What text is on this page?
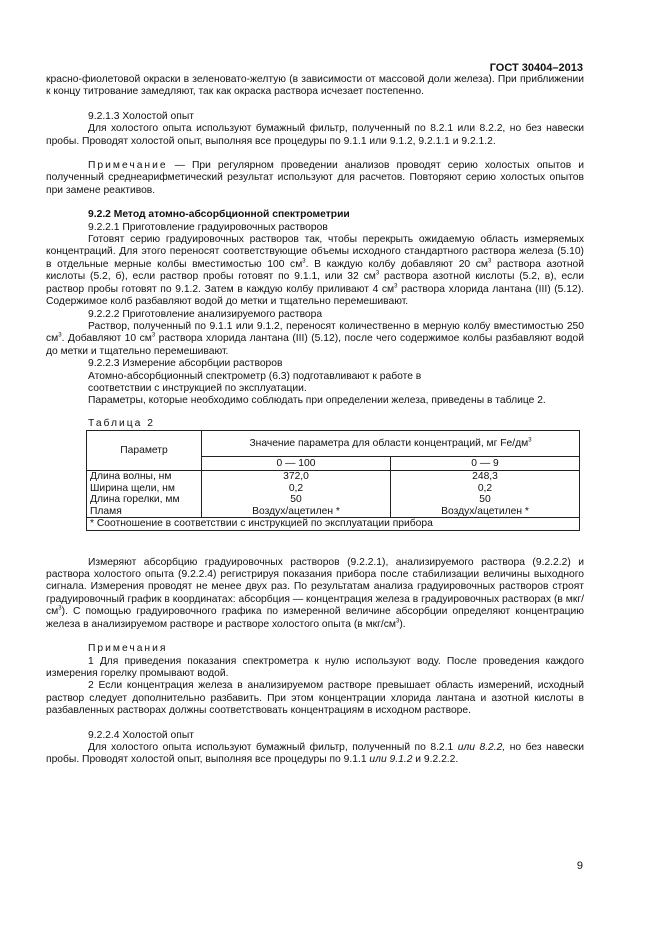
ГОСТ 30404–2013

красно-фиолетовой окраски в зеленовато-желтую (в зависимости от массовой доли железа). При приближении к концу титрование замедляют, так как окраска раствора исчезает постепенно.

9.2.1.3 Холостой опыт

Для холостого опыта используют бумажный фильтр, полученный по 8.2.1 или 8.2.2, но без навески пробы. Проводят холостой опыт, выполняя все процедуры по 9.1.1 или 9.1.2, 9.2.1.1 и 9.2.1.2.

Примечание — При регулярном проведении анализов проводят серию холостых опытов и полученный среднеарифметический результат используют для расчетов. Повторяют серию холостых опытов при замене реактивов.

9.2.2 Метод атомно-абсорбционной спектрометрии

9.2.2.1 Приготовление градуировочных растворов

Готовят серию градуировочных растворов так, чтобы перекрыть ожидаемую область измеряемых концентраций. Для этого переносят соответствующие объемы исходного стандартного раствора железа (5.10) в отдельные мерные колбы вместимостью 100 $см^3$. В каждую колбу добавляют 20 $см^3$ раствора азотной кислоты (5.2, б), если раствор пробы готовят по 9.1.1, или 32 $см^3$ раствора азотной кислоты (5.2, в), если раствор пробы готовят по 9.1.2. Затем в каждую колбу приливают 4 $см^3$ раствора хлорида лантана (III) (5.12). Содержимое колб разбавляют водой до метки и тщательно перемешивают.

9.2.2.2 Приготовление анализируемого раствора

Раствор, полученный по 9.1.1 или 9.1.2, переносят количественно в мерную колбу вместимостью 250 $см^3$. Добавляют 10 $см^3$ раствора хлорида лантана (III) (5.12), после чего содержимое колбы разбавляют водой до метки и тщательно перемешивают.

9.2.2.3 Измерение абсорбции растворов

Атомно-абсорбционный спектрометр (6.3) подготавливают к работе в

соответствии с инструкцией по эксплуатации.

Параметры, которые необходимо соблюдать при определении железа, приведены в таблице 2.

Таблица 2
Параметр	Значение параметра для области концентраций, мг $Fe/дм^3$
	0 — 100	0 — 9
Длина волны, нм	372,0	248,3
Ширина щели, нм	0,2	0,2
Длина горелки, мм	50	50
Пламя	Воздух/ацетилен *	Воздух/ацетилен *
* Соотношение в соответствии с инструкцией по эксплуатации прибора		

Измеряют абсорбцию градуировочных растворов (9.2.2.1), анализируемого раствора (9.2.2.2) и раствора холостого опыта (9.2.2.4) регистрируя показания прибора после стабилизации величины выходного сигнала. Измерения проводят не менее двух раз. По результатам анализа градуировочных растворов строят градуировочный график в координатах: абсорбция — концентрация железа в градуировочных растворах (в мкг/$см^3$). С помощью градуировочного графика по измеренной величине абсорбции определяют концентрацию железа в анализируемом растворе и растворе холостого опыта (в мкг/$см^3$).

Примечания

1 Для приведения показания спектрометра к нулю используют воду. После проведения каждого измерения горелку промывают водой.

2 Если концентрация железа в анализируемом растворе превышает область измерений, исходный раствор следует дополнительно разбавить. При этом концентрации хлорида лантана и азотной кислоты в разбавленных растворах должны соответствовать концентрациям в исходном растворе.

9.2.2.4 Холостой опыт

Для холостого опыта используют бумажный фильтр, полученный по 8.2.1 или 8.2.2, но без навески пробы. Проводят холостой опыт, выполняя все процедуры по 9.1.1 или 9.1.2 и 9.2.2.2.

9
